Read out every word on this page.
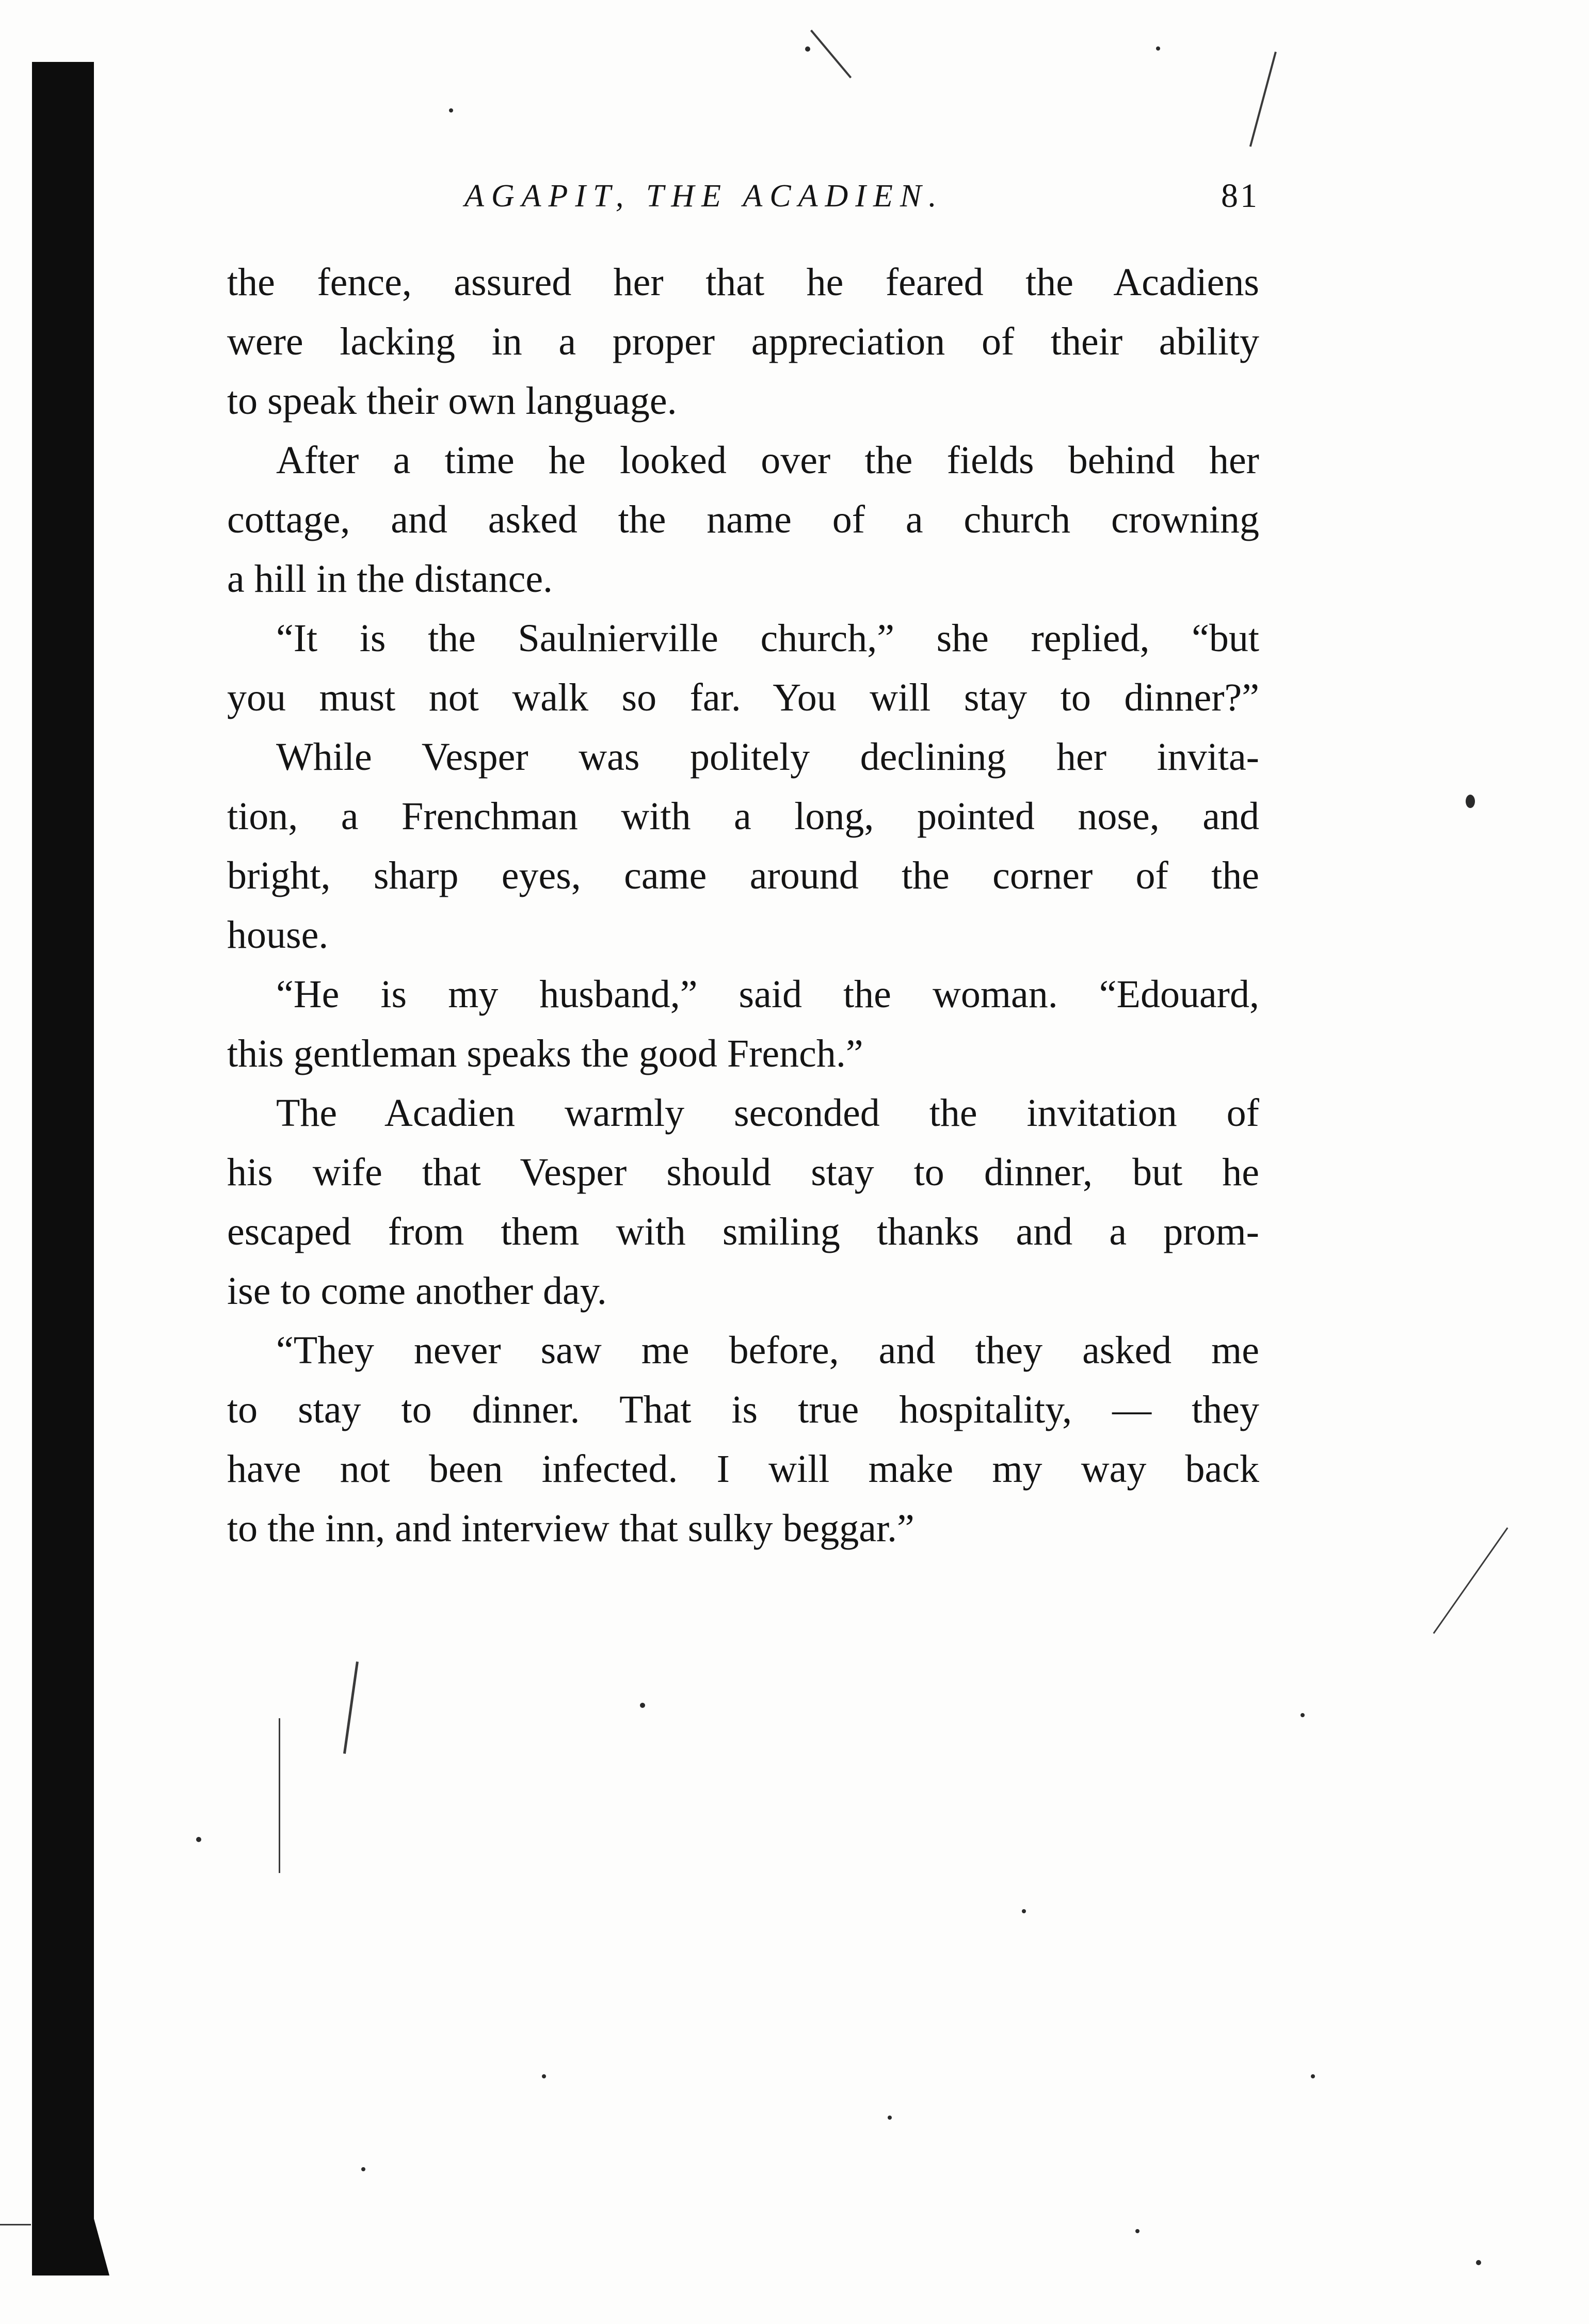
AGAPIT, THE ACADIEN.	81
the fence, assured her that he feared the Acadiens
were lacking in a proper appreciation of their ability
to speak their own language.
After a time he looked over the fields behind her
cottage, and asked the name of a church crowning
a hill in the distance.
“It is the Saulnierville church,” she replied, “but
you must not walk so far. You will stay to dinner?”
While Vesper was politely declining her invita-
tion, a Frenchman with a long, pointed nose, and
bright, sharp eyes, came around the corner of the
house.
“He is my husband,” said the woman. “Edouard,
this gentleman speaks the good French.”
The Acadien warmly seconded the invitation of
his wife that Vesper should stay to dinner, but he
escaped from them with smiling thanks and a prom-
ise to come another day.
“They never saw me before, and they asked me
to stay to dinner. That is true hospitality, — they
have not been infected. I will make my way back
to the inn, and interview that sulky beggar.”
